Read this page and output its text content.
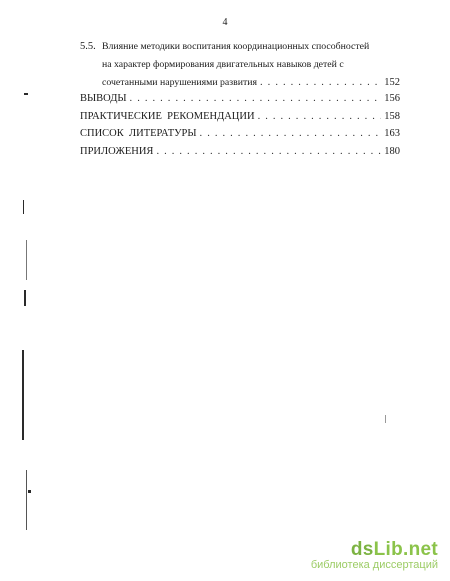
4
5.5. Влияние методики воспитания координационных способностей
на характер формирования двигательных навыков детей с
сочетанными нарушениями развития . . .	152
ВЫВОДЫ . . .	156
ПРАКТИЧЕСКИЕ  РЕКОМЕНДАЦИИ . . .	158
СПИСОК  ЛИТЕРАТУРЫ . . .	163
ПРИЛОЖЕНИЯ . . .	180
dsLib.net
библиотека диссертаций
